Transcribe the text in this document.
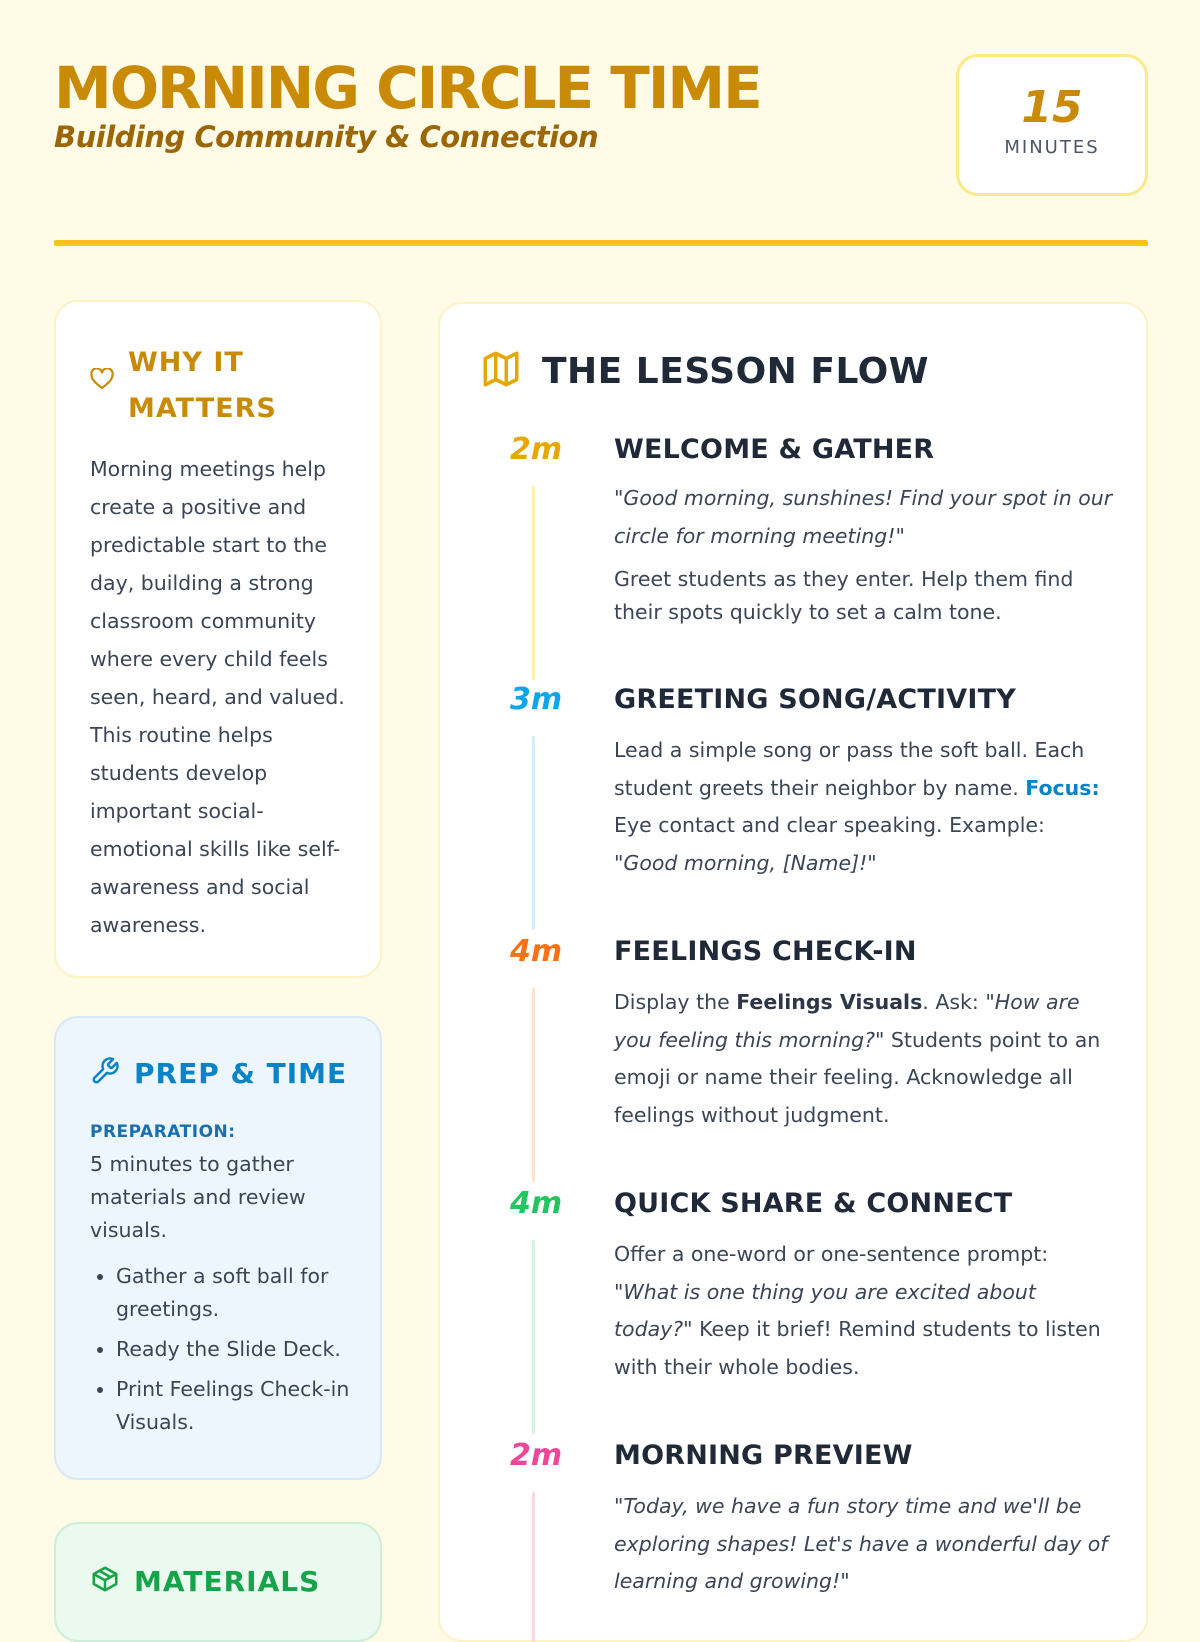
MORNING CIRCLE TIME
Building Community & Connection
15
MINUTES
WHY IT MATTERS
Morning meetings help create a positive and predictable start to the day, building a strong classroom community where every child feels seen, heard, and valued. This routine helps students develop important social-emotional skills like self-awareness and social awareness.
PREP & TIME
PREPARATION:
5 minutes to gather materials and review visuals.
• Gather a soft ball for greetings.
• Ready the Slide Deck.
• Print Feelings Check-in Visuals.
MATERIALS
THE LESSON FLOW
2m WELCOME & GATHER

"Good morning, sunshines! Find your spot in our circle for morning meeting!"

Greet students as they enter. Help them find their spots quickly to set a calm tone.

3m GREETING SONG/ACTIVITY

Lead a simple song or pass the soft ball. Each student greets their neighbor by name. Focus: Eye contact and clear speaking. Example: "Good morning, [Name]!"

4m FEELINGS CHECK-IN

Display the Feelings Visuals. Ask: "How are you feeling this morning?" Students point to an emoji or name their feeling. Acknowledge all feelings without judgment.

4m QUICK SHARE & CONNECT

Offer a one-word or one-sentence prompt: "What is one thing you are excited about today?" Keep it brief! Remind students to listen with their whole bodies.

2m MORNING PREVIEW

"Today, we have a fun story time and we'll be exploring shapes! Let's have a wonderful day of learning and growing!"
